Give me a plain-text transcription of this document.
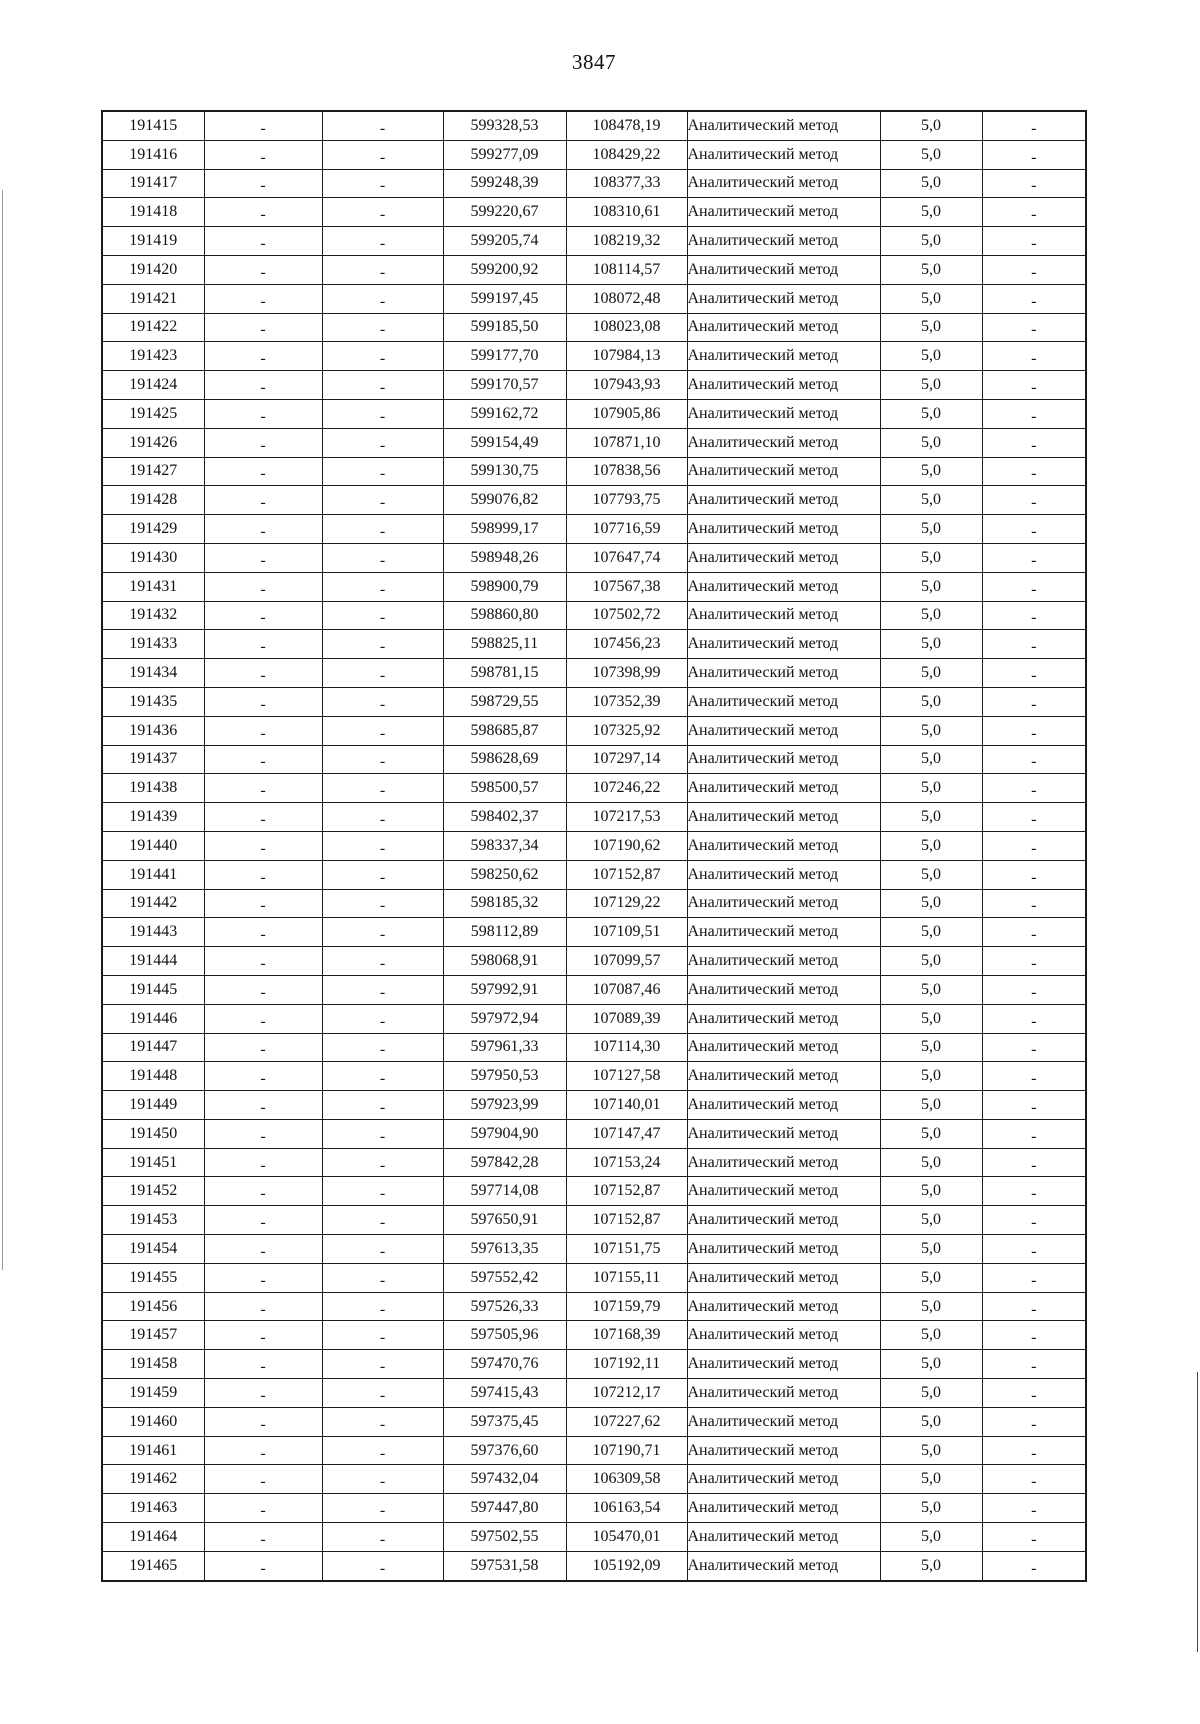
3847
191415	-	-	599328,53	108478,19	Аналитический метод	5,0	-
191416	-	-	599277,09	108429,22	Аналитический метод	5,0	-
191417	-	-	599248,39	108377,33	Аналитический метод	5,0	-
191418	-	-	599220,67	108310,61	Аналитический метод	5,0	-
191419	-	-	599205,74	108219,32	Аналитический метод	5,0	-
191420	-	-	599200,92	108114,57	Аналитический метод	5,0	-
191421	-	-	599197,45	108072,48	Аналитический метод	5,0	-
191422	-	-	599185,50	108023,08	Аналитический метод	5,0	-
191423	-	-	599177,70	107984,13	Аналитический метод	5,0	-
191424	-	-	599170,57	107943,93	Аналитический метод	5,0	-
191425	-	-	599162,72	107905,86	Аналитический метод	5,0	-
191426	-	-	599154,49	107871,10	Аналитический метод	5,0	-
191427	-	-	599130,75	107838,56	Аналитический метод	5,0	-
191428	-	-	599076,82	107793,75	Аналитический метод	5,0	-
191429	-	-	598999,17	107716,59	Аналитический метод	5,0	-
191430	-	-	598948,26	107647,74	Аналитический метод	5,0	-
191431	-	-	598900,79	107567,38	Аналитический метод	5,0	-
191432	-	-	598860,80	107502,72	Аналитический метод	5,0	-
191433	-	-	598825,11	107456,23	Аналитический метод	5,0	-
191434	-	-	598781,15	107398,99	Аналитический метод	5,0	-
191435	-	-	598729,55	107352,39	Аналитический метод	5,0	-
191436	-	-	598685,87	107325,92	Аналитический метод	5,0	-
191437	-	-	598628,69	107297,14	Аналитический метод	5,0	-
191438	-	-	598500,57	107246,22	Аналитический метод	5,0	-
191439	-	-	598402,37	107217,53	Аналитический метод	5,0	-
191440	-	-	598337,34	107190,62	Аналитический метод	5,0	-
191441	-	-	598250,62	107152,87	Аналитический метод	5,0	-
191442	-	-	598185,32	107129,22	Аналитический метод	5,0	-
191443	-	-	598112,89	107109,51	Аналитический метод	5,0	-
191444	-	-	598068,91	107099,57	Аналитический метод	5,0	-
191445	-	-	597992,91	107087,46	Аналитический метод	5,0	-
191446	-	-	597972,94	107089,39	Аналитический метод	5,0	-
191447	-	-	597961,33	107114,30	Аналитический метод	5,0	-
191448	-	-	597950,53	107127,58	Аналитический метод	5,0	-
191449	-	-	597923,99	107140,01	Аналитический метод	5,0	-
191450	-	-	597904,90	107147,47	Аналитический метод	5,0	-
191451	-	-	597842,28	107153,24	Аналитический метод	5,0	-
191452	-	-	597714,08	107152,87	Аналитический метод	5,0	-
191453	-	-	597650,91	107152,87	Аналитический метод	5,0	-
191454	-	-	597613,35	107151,75	Аналитический метод	5,0	-
191455	-	-	597552,42	107155,11	Аналитический метод	5,0	-
191456	-	-	597526,33	107159,79	Аналитический метод	5,0	-
191457	-	-	597505,96	107168,39	Аналитический метод	5,0	-
191458	-	-	597470,76	107192,11	Аналитический метод	5,0	-
191459	-	-	597415,43	107212,17	Аналитический метод	5,0	-
191460	-	-	597375,45	107227,62	Аналитический метод	5,0	-
191461	-	-	597376,60	107190,71	Аналитический метод	5,0	-
191462	-	-	597432,04	106309,58	Аналитический метод	5,0	-
191463	-	-	597447,80	106163,54	Аналитический метод	5,0	-
191464	-	-	597502,55	105470,01	Аналитический метод	5,0	-
191465	-	-	597531,58	105192,09	Аналитический метод	5,0	-
